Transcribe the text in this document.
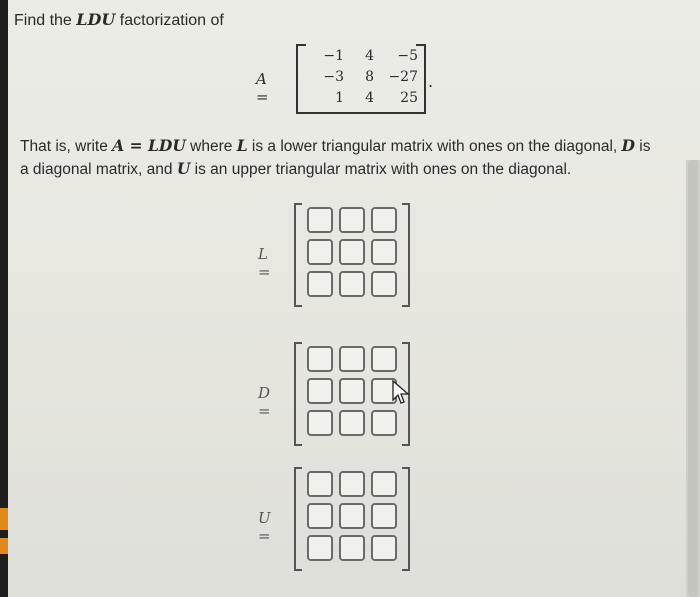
Find the LDU factorization of
A =
−1	4	−5
−3	8	−27
1	4	25
.
That is, write A = LDU where L is a lower triangular matrix with ones on the diagonal, D is a diagonal matrix, and U is an upper triangular matrix with ones on the diagonal.
L =
D =
U =
